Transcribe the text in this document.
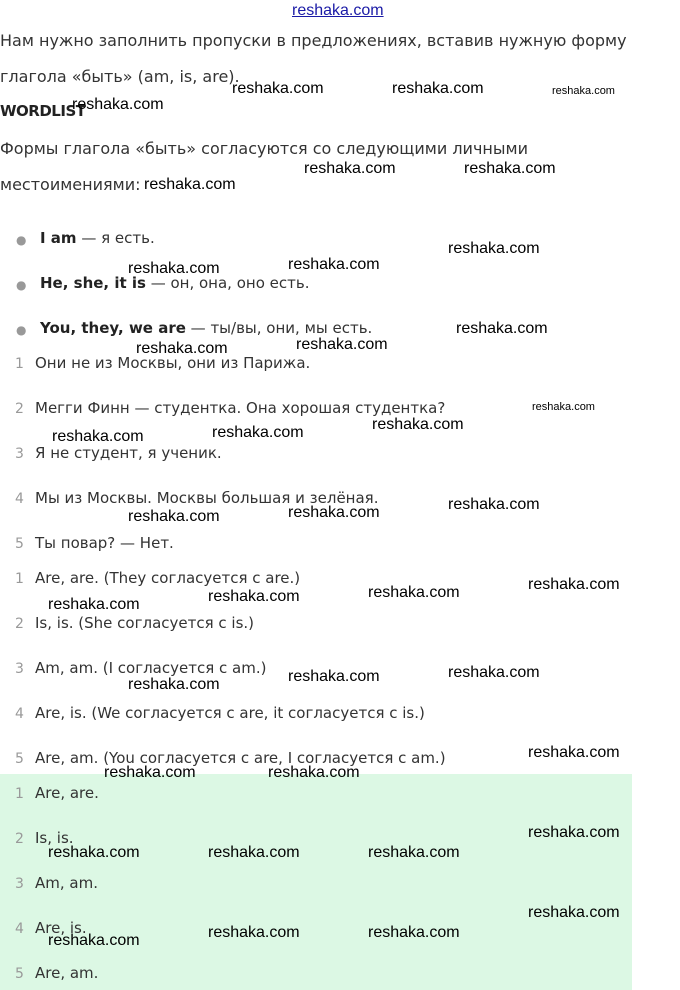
reshaka.com
Нам нужно заполнить пропуски в предложениях, вставив нужную форму
глагола «быть» (am, is, are).
WORDLIST
Формы глагола «быть» согласуются со следующими личными
местоимениями:
● I am — я есть.
● He, she, it is — он, она, оно есть.
● You, they, we are — ты/вы, они, мы есть.
1 Они не из Москвы, они из Парижа.
2 Мегги Финн — студентка. Она хорошая студентка?
3 Я не студент, я ученик.
4 Мы из Москвы. Москвы большая и зелёная.
5 Ты повар? — Нет.
1 Are, are. (They согласуется с are.)
2 Is, is. (She согласуется с is.)
3 Am, am. (I согласуется с am.)
4 Are, is. (We согласуется с are, it согласуется с is.)
5 Are, am. (You согласуется с are, I согласуется с am.)
1 Are, are.
2 Is, is.
3 Am, am.
4 Are, is.
5 Are, am.
reshaka.com
reshaka.com	reshaka.com	reshaka.com
reshaka.com
reshaka.com	reshaka.com
reshaka.com
reshaka.com	reshaka.com
reshaka.com
reshaka.com	reshaka.com
reshaka.com
reshaka.com	reshaka.com	reshaka.com
reshaka.com
reshaka.com	reshaka.com
reshaka.com
reshaka.com	reshaka.com	reshaka.com
reshaka.com	reshaka.com	reshaka.com
reshaka.com
reshaka.com	reshaka.com
reshaka.com
reshaka.com	reshaka.com	reshaka.com
reshaka.com
reshaka.com	reshaka.com	reshaka.com
